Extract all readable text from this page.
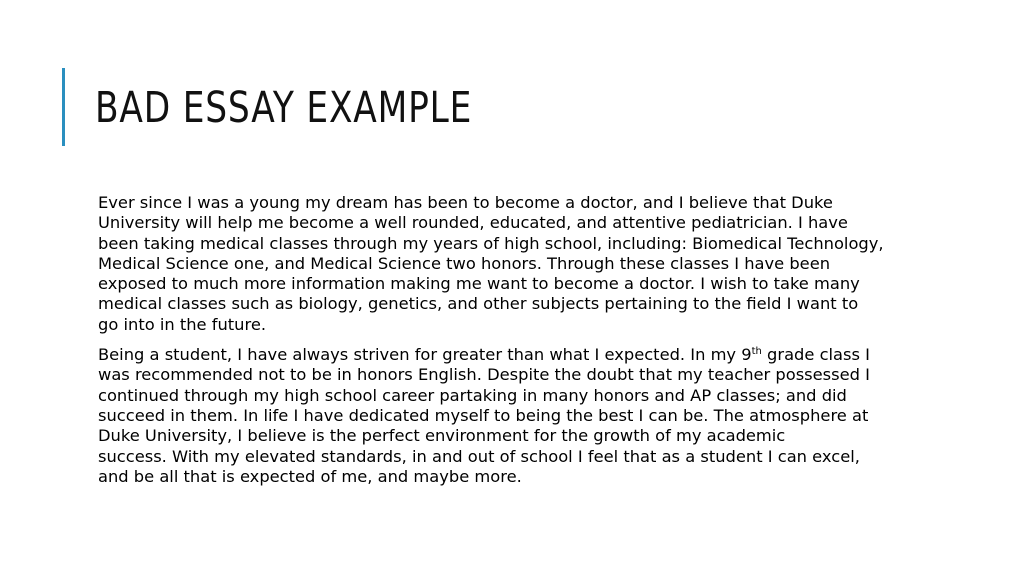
BAD ESSAY EXAMPLE

Ever since I was a young my dream has been to become a doctor, and I believe that Duke
University will help me become a well rounded, educated, and attentive pediatrician. I have
been taking medical classes through my years of high school, including: Biomedical Technology,
Medical Science one, and Medical Science two honors. Through these classes I have been
exposed to much more information making me want to become a doctor. I wish to take many
medical classes such as biology, genetics, and other subjects pertaining to the field I want to
go into in the future.

Being a student, I have always striven for greater than what I expected. In my 9th grade class I
was recommended not to be in honors English. Despite the doubt that my teacher possessed I
continued through my high school career partaking in many honors and AP classes; and did
succeed in them. In life I have dedicated myself to being the best I can be. The atmosphere at
Duke University, I believe is the perfect environment for the growth of my academic
success. With my elevated standards, in and out of school I feel that as a student I can excel,
and be all that is expected of me, and maybe more.
